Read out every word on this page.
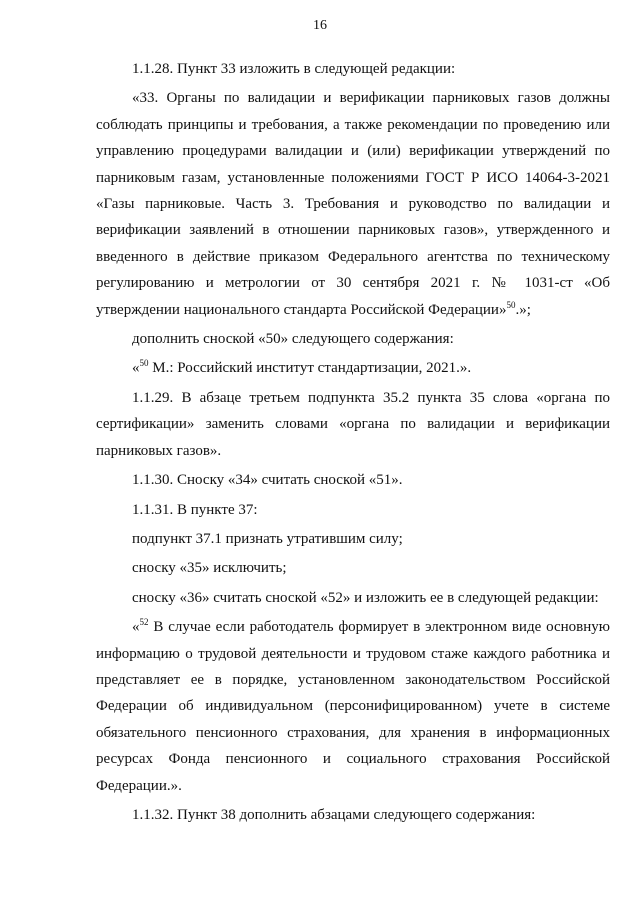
16

1.1.28. Пункт 33 изложить в следующей редакции:

«33. Органы по валидации и верификации парниковых газов должны соблюдать принципы и требования, а также рекомендации по проведению или управлению процедурами валидации и (или) верификации утверждений по парниковым газам, установленные положениями ГОСТ Р ИСО 14064-3-2021 «Газы парниковые. Часть 3. Требования и руководство по валидации и верификации заявлений в отношении парниковых газов», утвержденного и введенного в действие приказом Федерального агентства по техническому регулированию и метрологии от 30 сентября 2021 г. № 1031-ст «Об утверждении национального стандарта Российской Федерации»$^{50}$.»;

дополнить сноской «50» следующего содержания:

«$^{50}$ М.: Российский институт стандартизации, 2021.».

1.1.29. В абзаце третьем подпункта 35.2 пункта 35 слова «органа по сертификации» заменить словами «органа по валидации и верификации парниковых газов».

1.1.30. Сноску «34» считать сноской «51».

1.1.31. В пункте 37:

подпункт 37.1 признать утратившим силу;

сноску «35» исключить;

сноску «36» считать сноской «52» и изложить ее в следующей редакции:

«$^{52}$ В случае если работодатель формирует в электронном виде основную информацию о трудовой деятельности и трудовом стаже каждого работника и представляет ее в порядке, установленном законодательством Российской Федерации об индивидуальном (персонифицированном) учете в системе обязательного пенсионного страхования, для хранения в информационных ресурсах Фонда пенсионного и социального страхования Российской Федерации.».

1.1.32. Пункт 38 дополнить абзацами следующего содержания:
